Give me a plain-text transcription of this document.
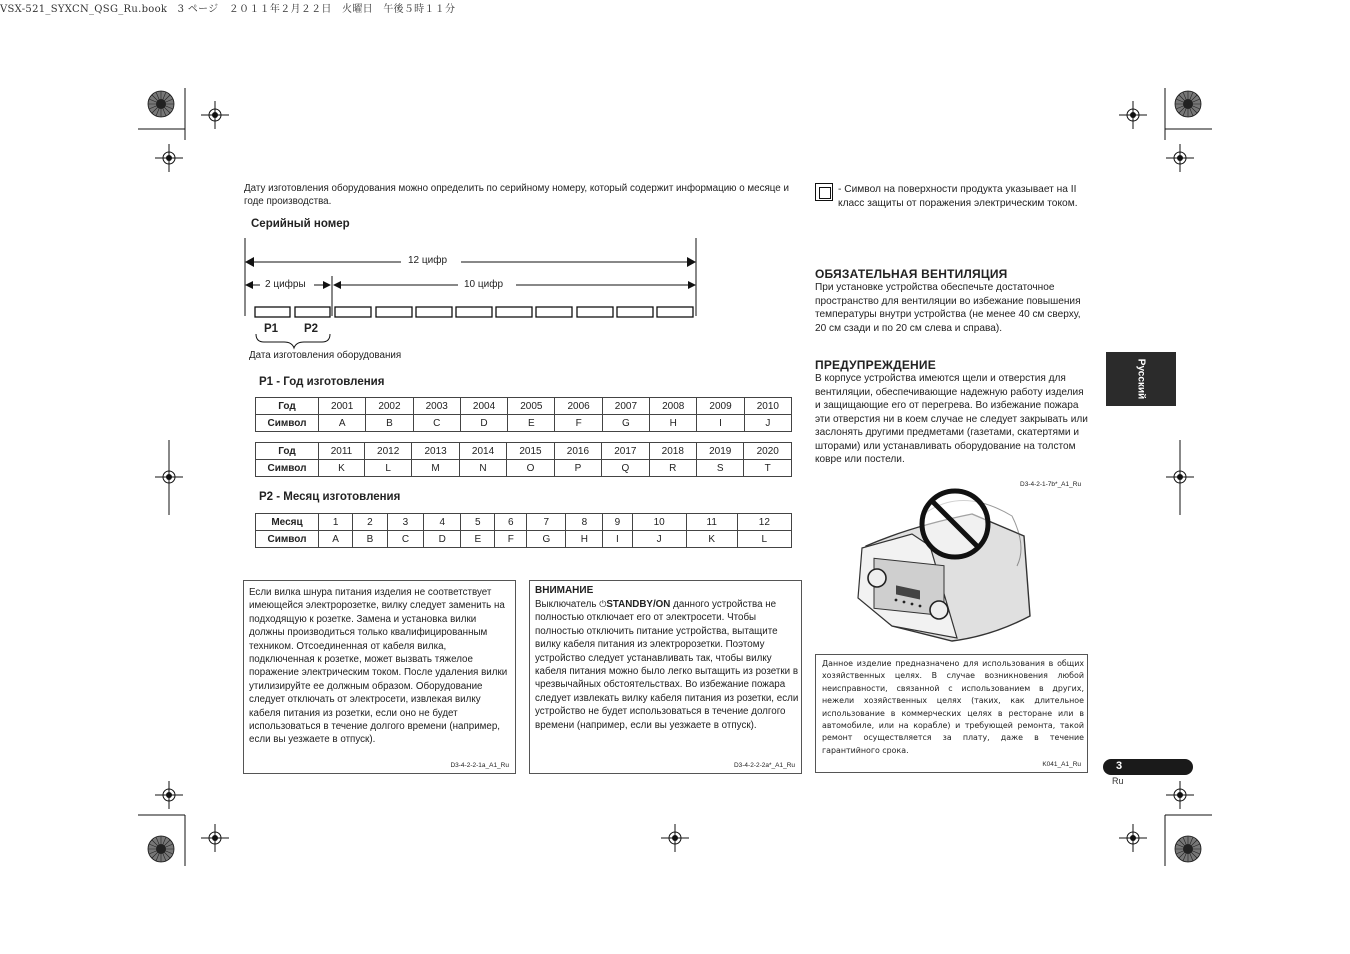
VSX-521_SYXCN_QSG_Ru.book　3 ページ　２０１１年２月２２日　火曜日　午後５時１１分
Дату изготовления оборудования можно определить по серийному номеру, который содержит информацию о месяце и годе производства.
Серийный номер
12 цифр
2 цифры	10 цифр
P1 P2
Дата изготовления оборудования
P1 - Год изготовления
Год	2001	2002	2003	2004	2005	2006	2007	2008	2009	2010
Символ	A	B	C	D	E	F	G	H	I	J
Год	2011	2012	2013	2014	2015	2016	2017	2018	2019	2020
Символ	K	L	M	N	O	P	Q	R	S	T
P2 - Месяц изготовления
Месяц	1	2	3	4	5	6	7	8	9	10	11	12
Символ	A	B	C	D	E	F	G	H	I	J	K	L
Если вилка шнура питания изделия не соответствует имеющейся электророзетке, вилку следует заменить на подходящую к розетке. Замена и установка вилки должны производиться только квалифицированным техником. Отсоединенная от кабеля вилка, подключенная к розетке, может вызвать тяжелое поражение электрическим током. После удаления вилки утилизируйте ее должным образом. Оборудование следует отключать от электросети, извлекая вилку кабеля питания из розетки, если оно не будет использоваться в течение долгого времени (например, если вы уезжаете в отпуск).
D3-4-2-2-1a_A1_Ru
ВНИМАНИЕ
Выключатель ⏻STANDBY/ON данного устройства не полностью отключает его от электросети. Чтобы полностью отключить питание устройства, вытащите вилку кабеля питания из электророзетки. Поэтому устройство следует устанавливать так, чтобы вилку кабеля питания можно было легко вытащить из розетки в чрезвычайных обстоятельствах. Во избежание пожара следует извлекать вилку кабеля питания из розетки, если устройство не будет использоваться в течение долгого времени (например, если вы уезжаете в отпуск).
D3-4-2-2-2a*_A1_Ru
- Символ на поверхности продукта указывает на II класс защиты от поражения электрическим током.
ОБЯЗАТЕЛЬНАЯ ВЕНТИЛЯЦИЯ
При установке устройства обеспечьте достаточное пространство для вентиляции во избежание повышения температуры внутри устройства (не менее 40 см сверху, 20 см сзади и по 20 см слева и справа).
ПРЕДУПРЕЖДЕНИЕ
В корпусе устройства имеются щели и отверстия для вентиляции, обеспечивающие надежную работу изделия и защищающие его от перегрева. Во избежание пожара эти отверстия ни в коем случае не следует закрывать или заслонять другими предметами (газетами, скатертями и шторами) или устанавливать оборудование на толстом ковре или постели.
D3-4-2-1-7b*_A1_Ru
Данное изделие предназначено для использования в общих хозяйственных целях. В случае возникновения любой неисправности, связанной с использованием в других, нежели хозяйственных целях (таких, как длительное использование в коммерческих целях в ресторане или в автомобиле, или на корабле) и требующей ремонта, такой ремонт осуществляется за плату, даже в течение гарантийного срока.
K041_A1_Ru
Русский
3
Ru
